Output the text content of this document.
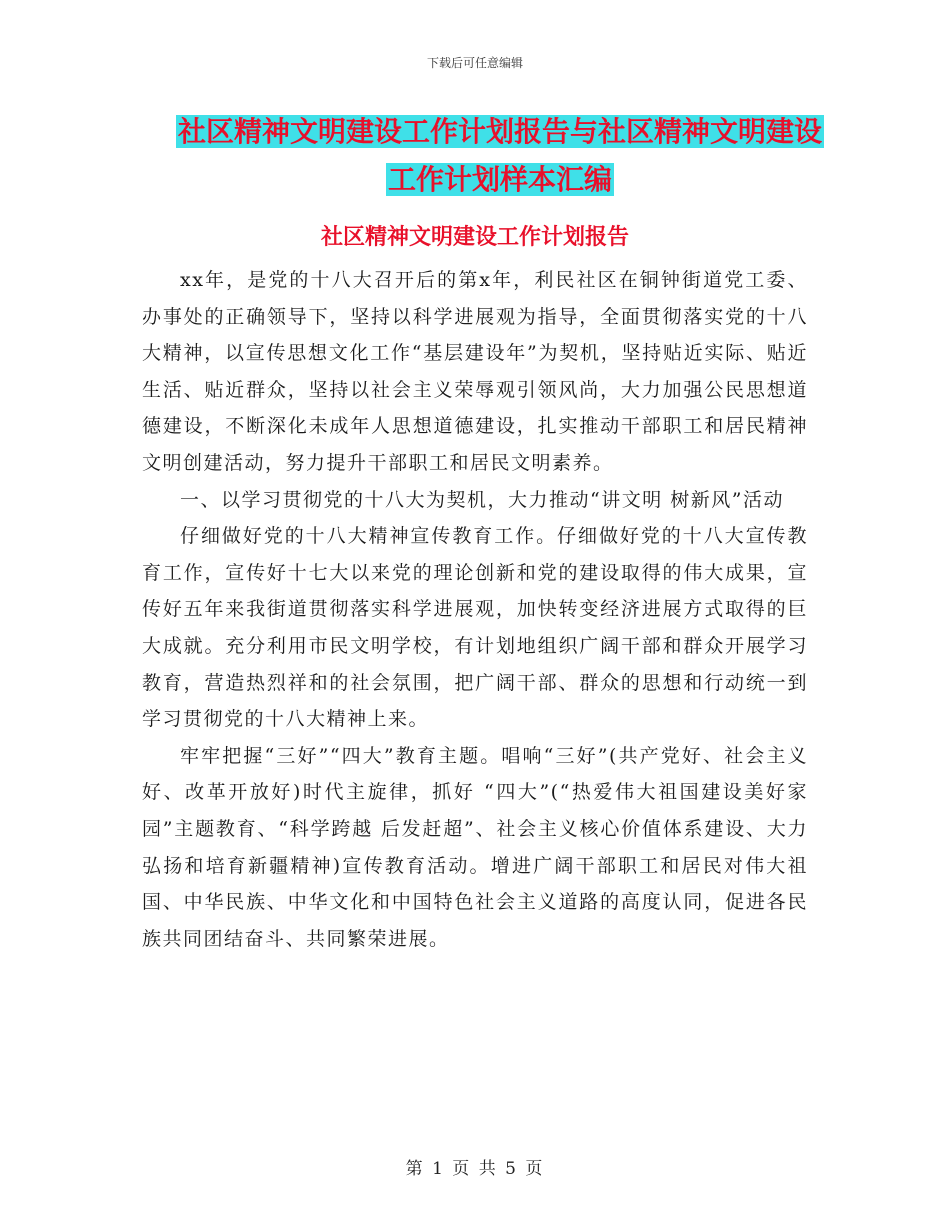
下载后可任意编辑
社区精神文明建设工作计划报告与社区精神文明建设
工作计划样本汇编
社区精神文明建设工作计划报告

xx年，是党的十八大召开后的第x年，利民社区在铜钟街道党工委、办事处的正确领导下，坚持以科学进展观为指导，全面贯彻落实党的十八大精神，以宣传思想文化工作“基层建设年”为契机，坚持贴近实际、贴近生活、贴近群众，坚持以社会主义荣辱观引领风尚，大力加强公民思想道德建设，不断深化未成年人思想道德建设，扎实推动干部职工和居民精神文明创建活动，努力提升干部职工和居民文明素养。

一、以学习贯彻党的十八大为契机，大力推动“讲文明 树新风”活动

仔细做好党的十八大精神宣传教育工作。仔细做好党的十八大宣传教育工作，宣传好十七大以来党的理论创新和党的建设取得的伟大成果，宣传好五年来我街道贯彻落实科学进展观，加快转变经济进展方式取得的巨大成就。充分利用市民文明学校，有计划地组织广阔干部和群众开展学习教育，营造热烈祥和的社会氛围，把广阔干部、群众的思想和行动统一到学习贯彻党的十八大精神上来。

牢牢把握“三好”“四大”教育主题。唱响“三好”(共产党好、社会主义好、改革开放好)时代主旋律，抓好 “四大”(“热爱伟大祖国建设美好家园”主题教育、“科学跨越 后发赶超”、社会主义核心价值体系建设、大力弘扬和培育新疆精神)宣传教育活动。增进广阔干部职工和居民对伟大祖国、中华民族、中华文化和中国特色社会主义道路的高度认同，促进各民族共同团结奋斗、共同繁荣进展。

第 1 页 共 5 页
